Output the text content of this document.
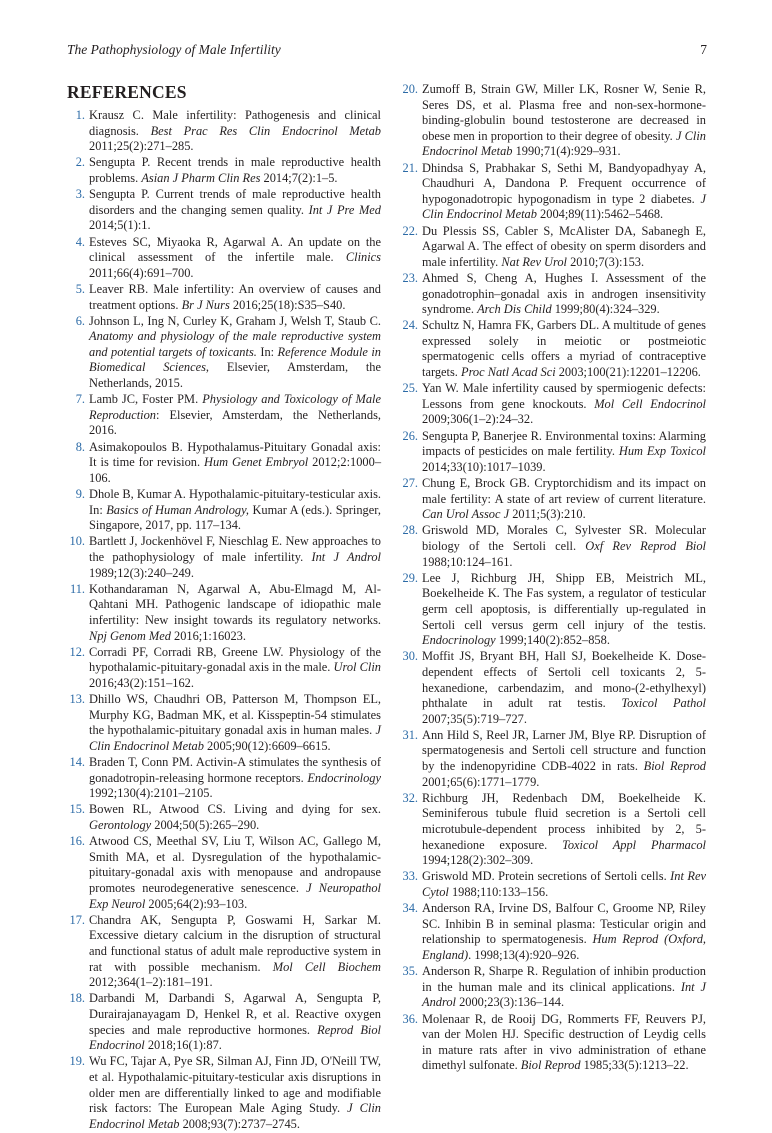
The Pathophysiology of Male Infertility	7
REFERENCES
1. Krausz C. Male infertility: Pathogenesis and clinical diagnosis. Best Prac Res Clin Endocrinol Metab 2011;25(2):271–285.
2. Sengupta P. Recent trends in male reproductive health problems. Asian J Pharm Clin Res 2014;7(2):1–5.
3. Sengupta P. Current trends of male reproductive health disorders and the changing semen quality. Int J Pre Med 2014;5(1):1.
4. Esteves SC, Miyaoka R, Agarwal A. An update on the clinical assessment of the infertile male. Clinics 2011;66(4):691–700.
5. Leaver RB. Male infertility: An overview of causes and treatment options. Br J Nurs 2016;25(18):S35–S40.
6. Johnson L, Ing N, Curley K, Graham J, Welsh T, Staub C. Anatomy and physiology of the male reproductive system and potential targets of toxicants. In: Reference Module in Biomedical Sciences, Elsevier, Amsterdam, the Netherlands, 2015.
7. Lamb JC, Foster PM. Physiology and Toxicology of Male Reproduction: Elsevier, Amsterdam, the Netherlands, 2016.
8. Asimakopoulos B. Hypothalamus-Pituitary Gonadal axis: It is time for revision. Hum Genet Embryol 2012;2:1000–106.
9. Dhole B, Kumar A. Hypothalamic-pituitary-testicular axis. In: Basics of Human Andrology, Kumar A (eds.). Springer, Singapore, 2017, pp. 117–134.
10. Bartlett J, Jockenhövel F, Nieschlag E. New approaches to the pathophysiology of male infertility. Int J Androl 1989;12(3):240–249.
11. Kothandaraman N, Agarwal A, Abu-Elmagd M, Al-Qahtani MH. Pathogenic landscape of idiopathic male infertility: New insight towards its regulatory networks. Npj Genom Med 2016;1:16023.
12. Corradi PF, Corradi RB, Greene LW. Physiology of the hypothalamic-pituitary-gonadal axis in the male. Urol Clin 2016;43(2):151–162.
13. Dhillo WS, Chaudhri OB, Patterson M, Thompson EL, Murphy KG, Badman MK, et al. Kisspeptin-54 stimulates the hypothalamic-pituitary gonadal axis in human males. J Clin Endocrinol Metab 2005;90(12):6609–6615.
14. Braden T, Conn PM. Activin-A stimulates the synthesis of gonadotropin-releasing hormone receptors. Endocrinology 1992;130(4):2101–2105.
15. Bowen RL, Atwood CS. Living and dying for sex. Gerontology 2004;50(5):265–290.
16. Atwood CS, Meethal SV, Liu T, Wilson AC, Gallego M, Smith MA, et al. Dysregulation of the hypothalamic-pituitary-gonadal axis with menopause and andropause promotes neurodegenerative senescence. J Neuropathol Exp Neurol 2005;64(2):93–103.
17. Chandra AK, Sengupta P, Goswami H, Sarkar M. Excessive dietary calcium in the disruption of structural and functional status of adult male reproductive system in rat with possible mechanism. Mol Cell Biochem 2012;364(1–2):181–191.
18. Darbandi M, Darbandi S, Agarwal A, Sengupta P, Durairajanayagam D, Henkel R, et al. Reactive oxygen species and male reproductive hormones. Reprod Biol Endocrinol 2018;16(1):87.
19. Wu FC, Tajar A, Pye SR, Silman AJ, Finn JD, O'Neill TW, et al. Hypothalamic-pituitary-testicular axis disruptions in older men are differentially linked to age and modifiable risk factors: The European Male Aging Study. J Clin Endocrinol Metab 2008;93(7):2737–2745.
20. Zumoff B, Strain GW, Miller LK, Rosner W, Senie R, Seres DS, et al. Plasma free and non-sex-hormone-binding-globulin bound testosterone are decreased in obese men in proportion to their degree of obesity. J Clin Endocrinol Metab 1990;71(4):929–931.
21. Dhindsa S, Prabhakar S, Sethi M, Bandyopadhyay A, Chaudhuri A, Dandona P. Frequent occurrence of hypogonadotropic hypogonadism in type 2 diabetes. J Clin Endocrinol Metab 2004;89(11):5462–5468.
22. Du Plessis SS, Cabler S, McAlister DA, Sabanegh E, Agarwal A. The effect of obesity on sperm disorders and male infertility. Nat Rev Urol 2010;7(3):153.
23. Ahmed S, Cheng A, Hughes I. Assessment of the gonadotrophin–gonadal axis in androgen insensitivity syndrome. Arch Dis Child 1999;80(4):324–329.
24. Schultz N, Hamra FK, Garbers DL. A multitude of genes expressed solely in meiotic or postmeiotic spermatogenic cells offers a myriad of contraceptive targets. Proc Natl Acad Sci 2003;100(21):12201–12206.
25. Yan W. Male infertility caused by spermiogenic defects: Lessons from gene knockouts. Mol Cell Endocrinol 2009;306(1–2):24–32.
26. Sengupta P, Banerjee R. Environmental toxins: Alarming impacts of pesticides on male fertility. Hum Exp Toxicol 2014;33(10):1017–1039.
27. Chung E, Brock GB. Cryptorchidism and its impact on male fertility: A state of art review of current literature. Can Urol Assoc J 2011;5(3):210.
28. Griswold MD, Morales C, Sylvester SR. Molecular biology of the Sertoli cell. Oxf Rev Reprod Biol 1988;10:124–161.
29. Lee J, Richburg JH, Shipp EB, Meistrich ML, Boekelheide K. The Fas system, a regulator of testicular germ cell apoptosis, is differentially up-regulated in Sertoli cell versus germ cell injury of the testis. Endocrinology 1999;140(2):852–858.
30. Moffit JS, Bryant BH, Hall SJ, Boekelheide K. Dose-dependent effects of Sertoli cell toxicants 2, 5-hexanedione, carbendazim, and mono-(2-ethylhexyl) phthalate in adult rat testis. Toxicol Pathol 2007;35(5):719–727.
31. Ann Hild S, Reel JR, Larner JM, Blye RP. Disruption of spermatogenesis and Sertoli cell structure and function by the indenopyridine CDB-4022 in rats. Biol Reprod 2001;65(6):1771–1779.
32. Richburg JH, Redenbach DM, Boekelheide K. Seminiferous tubule fluid secretion is a Sertoli cell microtubule-dependent process inhibited by 2, 5-hexanedione exposure. Toxicol Appl Pharmacol 1994;128(2):302–309.
33. Griswold MD. Protein secretions of Sertoli cells. Int Rev Cytol 1988;110:133–156.
34. Anderson RA, Irvine DS, Balfour C, Groome NP, Riley SC. Inhibin B in seminal plasma: Testicular origin and relationship to spermatogenesis. Hum Reprod (Oxford, England). 1998;13(4):920–926.
35. Anderson R, Sharpe R. Regulation of inhibin production in the human male and its clinical applications. Int J Androl 2000;23(3):136–144.
36. Molenaar R, de Rooij DG, Rommerts FF, Reuvers PJ, van der Molen HJ. Specific destruction of Leydig cells in mature rats after in vivo administration of ethane dimethyl sulfonate. Biol Reprod 1985;33(5):1213–22.
